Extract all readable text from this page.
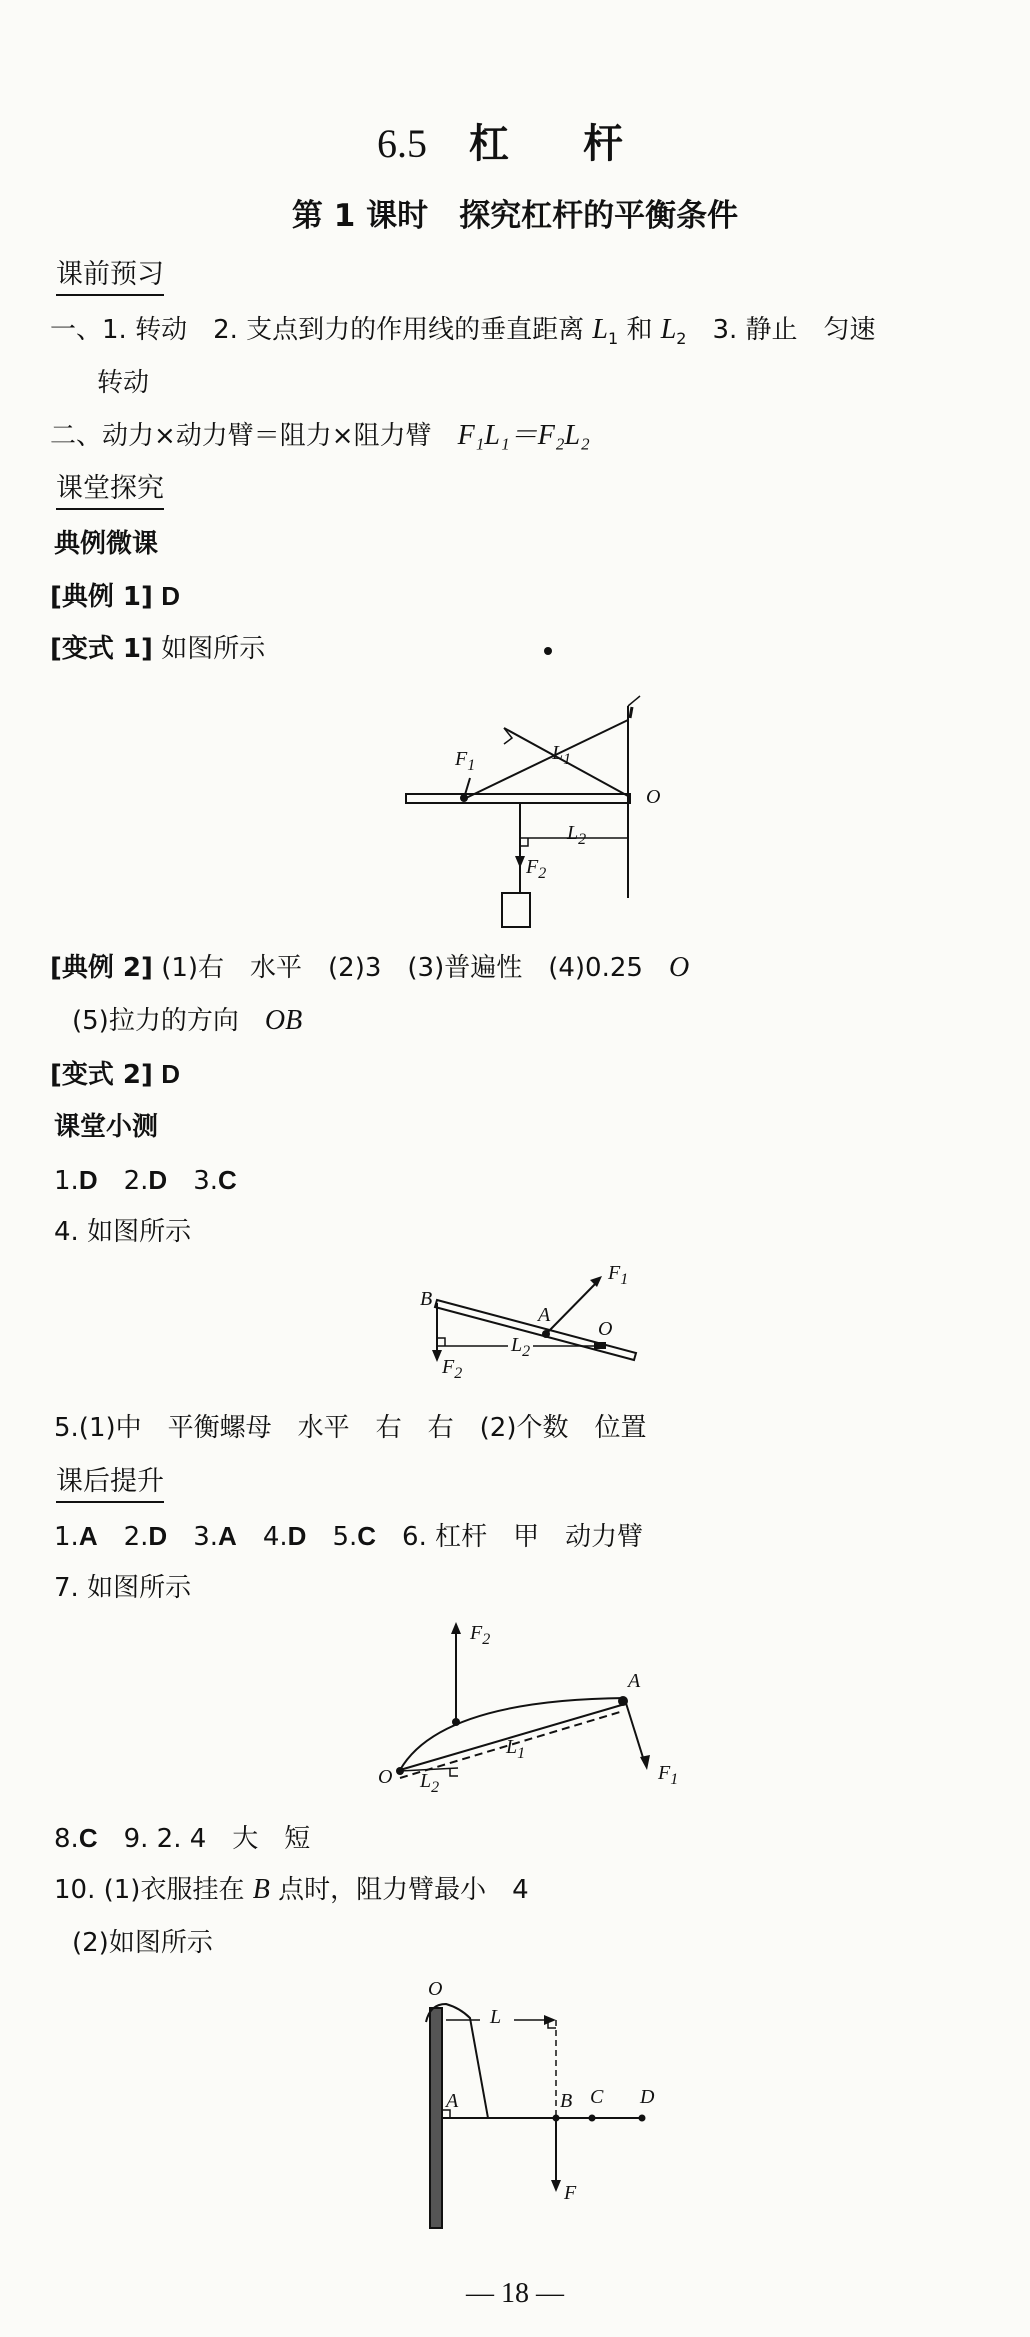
6.5 杠 杆
第 1 课时　探究杠杆的平衡条件
课前预习
一、1. 转动　2. 支点到力的作用线的垂直距离 $L_1$ 和 $L_2$　3. 静止　匀速
转动
二、动力×动力臂＝阻力×阻力臂　F₁L₁＝F₂L₂
课堂探究
典例微课
[典例 1] D
[变式 1] 如图所示
$F_1$
$L_1$
O
$L_2$
$F_2$
[典例 2] (1)右　水平　(2)3　(3)普遍性　(4)0.25　O
(5)拉力的方向　OB
[变式 2] D
课堂小测
1.D　 2.D　 3.C
4. 如图所示
B
A
O
$F_1$
$F_2$
$L_2$
5.(1)中　平衡螺母　水平　右　右　(2)个数　位置
课后提升
1.A　 2.D　 3.A　 4.D　 5.C　 6. 杠杆　甲　动力臂
7. 如图所示
$F_2$
A
$L_1$
O $L_2$
$F_1$
8.C　 9. 2. 4　大　短
10. (1)衣服挂在 B 点时，阻力臂最小　4
(2)如图所示
O
L
A	B C D
F
— 18 —
